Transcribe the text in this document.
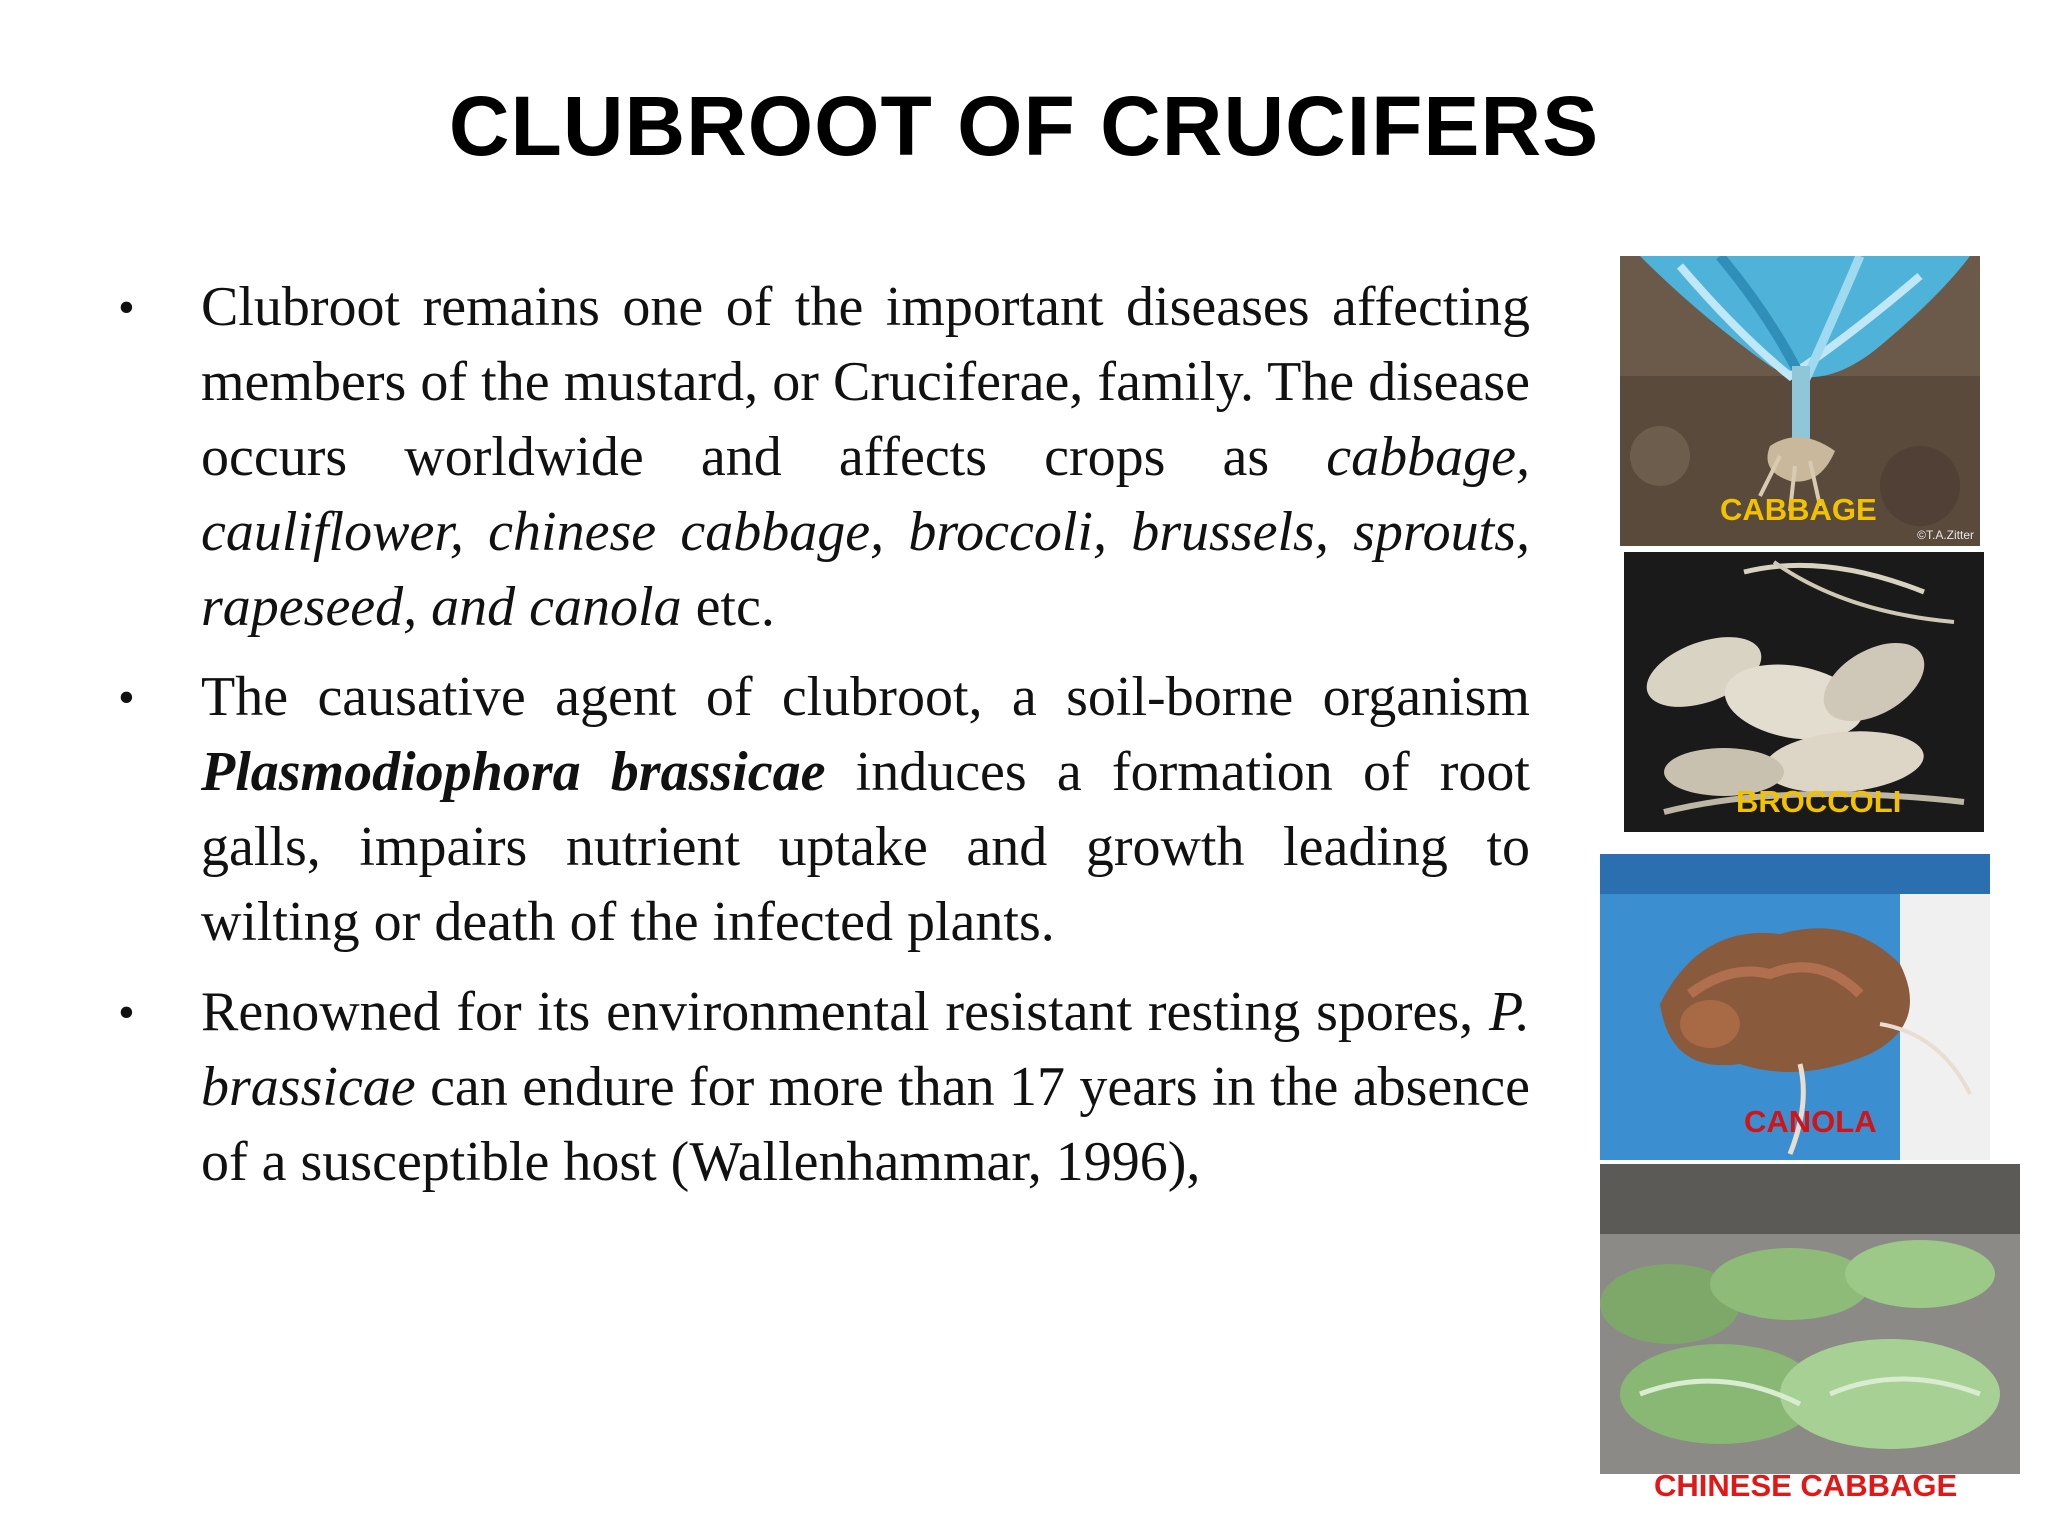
CLUBROOT OF CRUCIFERS
•	Clubroot remains one of the important diseases affecting members of the mustard, or Cruciferae, family. The disease occurs worldwide and affects crops as cabbage, cauliflower, chinese cabbage, broccoli, brussels, sprouts, rapeseed, and canola etc.
•	The causative agent of clubroot, a soil-borne organism Plasmodiophora brassicae induces a formation of root galls, impairs nutrient uptake and growth leading to wilting or death of the infected plants.
•	Renowned for its environmental resistant resting spores, P. brassicae can endure for more than 17 years in the absence of a susceptible host (Wallenhammar, 1996),
CABBAGE
©T.A.Zitter
BROCCOLI
CANOLA
CHINESE CABBAGE
